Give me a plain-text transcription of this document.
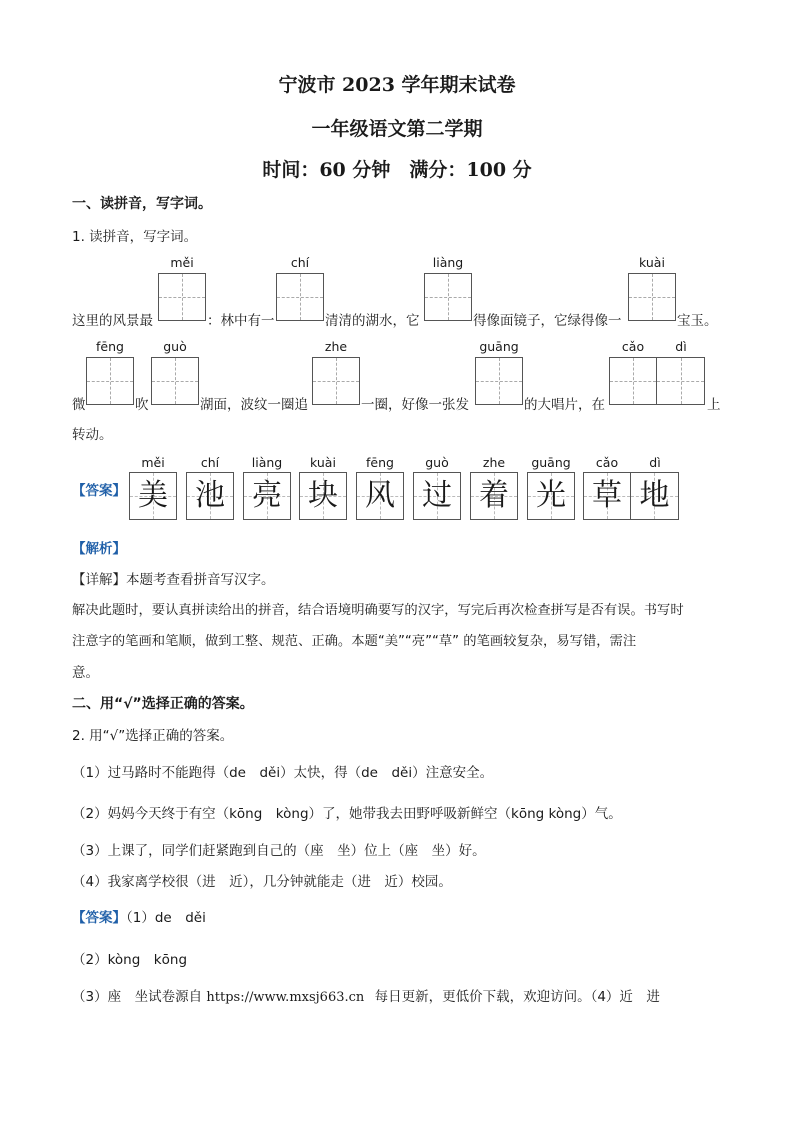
宁波市 2023 学年期末试卷
一年级语文第二学期
时间：60 分钟　满分：100 分
一、读拼音，写字词。
1. 读拼音，写字词。
měi	chí	liàng	kuài
这里的风景最	：林中有一	清清的湖水，它	得像面镜子，它绿得像一	宝玉。
fēng	guò	zhe	guāng	cǎo	dì
微	吹	湖面，波纹一圈追	一圈，好像一张发	的大唱片，在	上
转动。
【答案】
měi	chí	liàng	kuài	fēng	guò	zhe	guāng	cǎo	dì
美 池 亮 块 风 过 着 光 草 地
【解析】
【详解】本题考查看拼音写汉字。
解决此题时，要认真拼读给出的拼音，结合语境明确要写的汉字，写完后再次检查拼写是否有误。书写时
注意字的笔画和笔顺，做到工整、规范、正确。本题“美”“亮”“草” 的笔画较复杂，易写错，需注
意。
二、用“√”选择正确的答案。
2. 用“√”选择正确的答案。
（1）过马路时不能跑得（de　děi）太快，得（de　děi）注意安全。
（2）妈妈今天终于有空（kōng　kòng）了，她带我去田野呼吸新鲜空（kōng kòng）气。
（3）上课了，同学们赶紧跑到自己的（座　坐）位上（座　坐）好。
（4）我家离学校很（进　近），几分钟就能走（进　近）校园。
【答案】（1）de　děi
（2）kòng　kōng
（3）座　坐试卷源自 https://www.mxsj663.cn 每日更新，更低价下载，欢迎访问。（4）近　进
